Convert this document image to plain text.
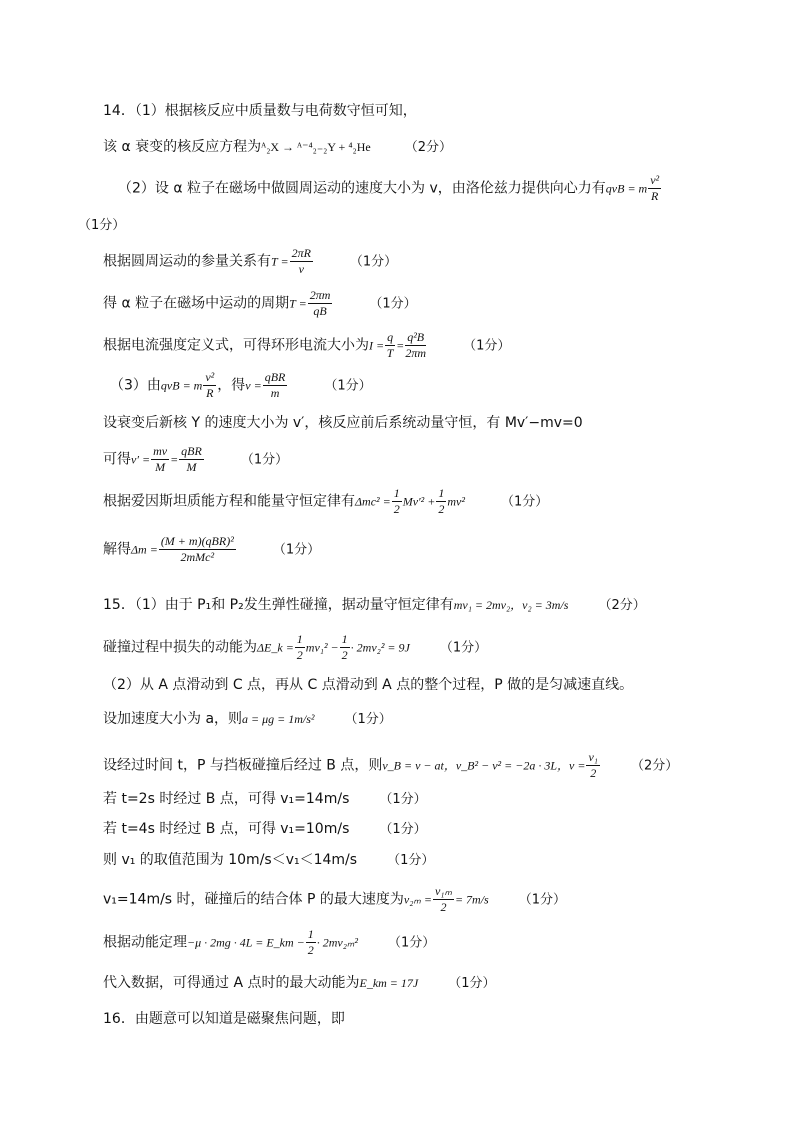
14．（1）根据核反应中质量数与电荷数守恒可知，
该 α 衰变的核反应方程为ᴬ₂X → ᴬ⁻⁴₂₋₂Y + ⁴₂He	（2分）
（2）设 α 粒子在磁场中做圆周运动的速度大小为 v，由洛伦兹力提供向心力有qvB = m $\frac{\text{v²}}{R}$
（1分）
根据圆周运动的参量关系有$T = \frac{2\pi R}{v}$	（1分）
得 α 粒子在磁场中运动的周期$T = \frac{2\pi m}{qB}$	（1分）
根据电流强度定义式，可得环形电流大小为$I = \frac{q}{T} = \frac{\text{q²B}}{2\pi m}$	（1分）
（3）由qvB = m $\frac{\text{v²}}{R}$ ，得$v = \frac{\text{qBR}}{m}$	（1分）
设衰变后新核 Y 的速度大小为 v′，核反应前后系统动量守恒，有 Mv′−mv=0
可得$v' = \frac{mv}{M} = \frac{\text{qBR}}{M}$	（1分）
根据爱因斯坦质能方程和能量守恒定律有$\Delta mc^2 = \frac{1}{2} Mv'^2 + \frac{1}{2} mv^2$	（1分）
解得$\Delta m = \frac{\text{(M + m)(qBR)²}}{\text{2mMc²}}$	（1分）
15．（1）由于 P₁和 P₂发生弹性碰撞，据动量守恒定律有mv₁ = 2mv₂，v₂ = 3m/s （2分）
碰撞过程中损失的动能为ΔE_k = $\frac{1}{2} mv_1^2 - \frac{1}{2} \cdot 2mv_2^2 = 9J$ （1分）
（2）从 A 点滑动到 C 点，再从 C 点滑动到 A 点的整个过程，P 做的是匀减速直线。
设加速度大小为 a，则a = μg = 1m/s² （1分）
设经过时间 t，P 与挡板碰撞后经过 B 点，则v_B = v − at，v_B² − v² = −2a · 3L，$v = \frac{\text{v₁}}{2} (2$分）
若 t=2s 时经过 B 点，可得 v₁=14m/s （1分）
若 t=4s 时经过 B 点，可得 v₁=10m/s （1分）
则 v₁ 的取值范围为 10m/s＜v₁＜14m/s （1分）
v₁=14m/s 时，碰撞后的结合体 P 的最大速度为$v_{2m} = \frac{\text{v₁ₘ}}{2} = 7m/s$ （1分）
根据动能定理−μ · 2mg · 4L = E_km − $\frac{1}{2} \cdot 2mv_{2m}^2$ （1分）
代入数据，可得通过 A 点时的最大动能为E_km = 17J （1分）
16．由题意可以知道是磁聚焦问题，即
